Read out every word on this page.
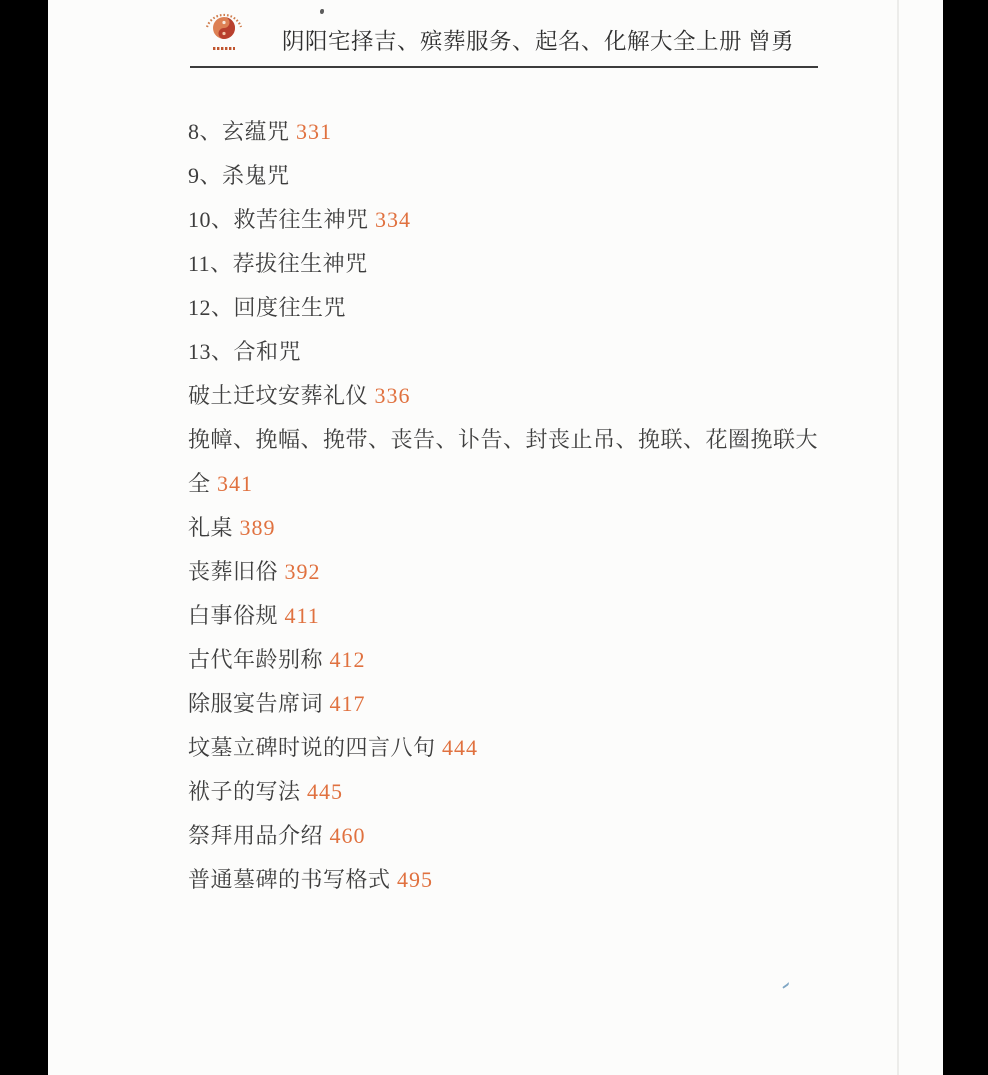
阴阳宅择吉、殡葬服务、起名、化解大全上册 曾勇
8、玄蕴咒 331
9、杀鬼咒
10、救苦往生神咒 334
11、荐拔往生神咒
12、回度往生咒
13、合和咒
破土迁坟安葬礼仪 336
挽幛、挽幅、挽带、丧告、讣告、封丧止吊、挽联、花圈挽联大全 341
礼桌 389
丧葬旧俗 392
白事俗规 411
古代年龄别称 412
除服宴告席词 417
坟墓立碑时说的四言八句 444
袱子的写法 445
祭拜用品介绍 460
普通墓碑的书写格式 495
